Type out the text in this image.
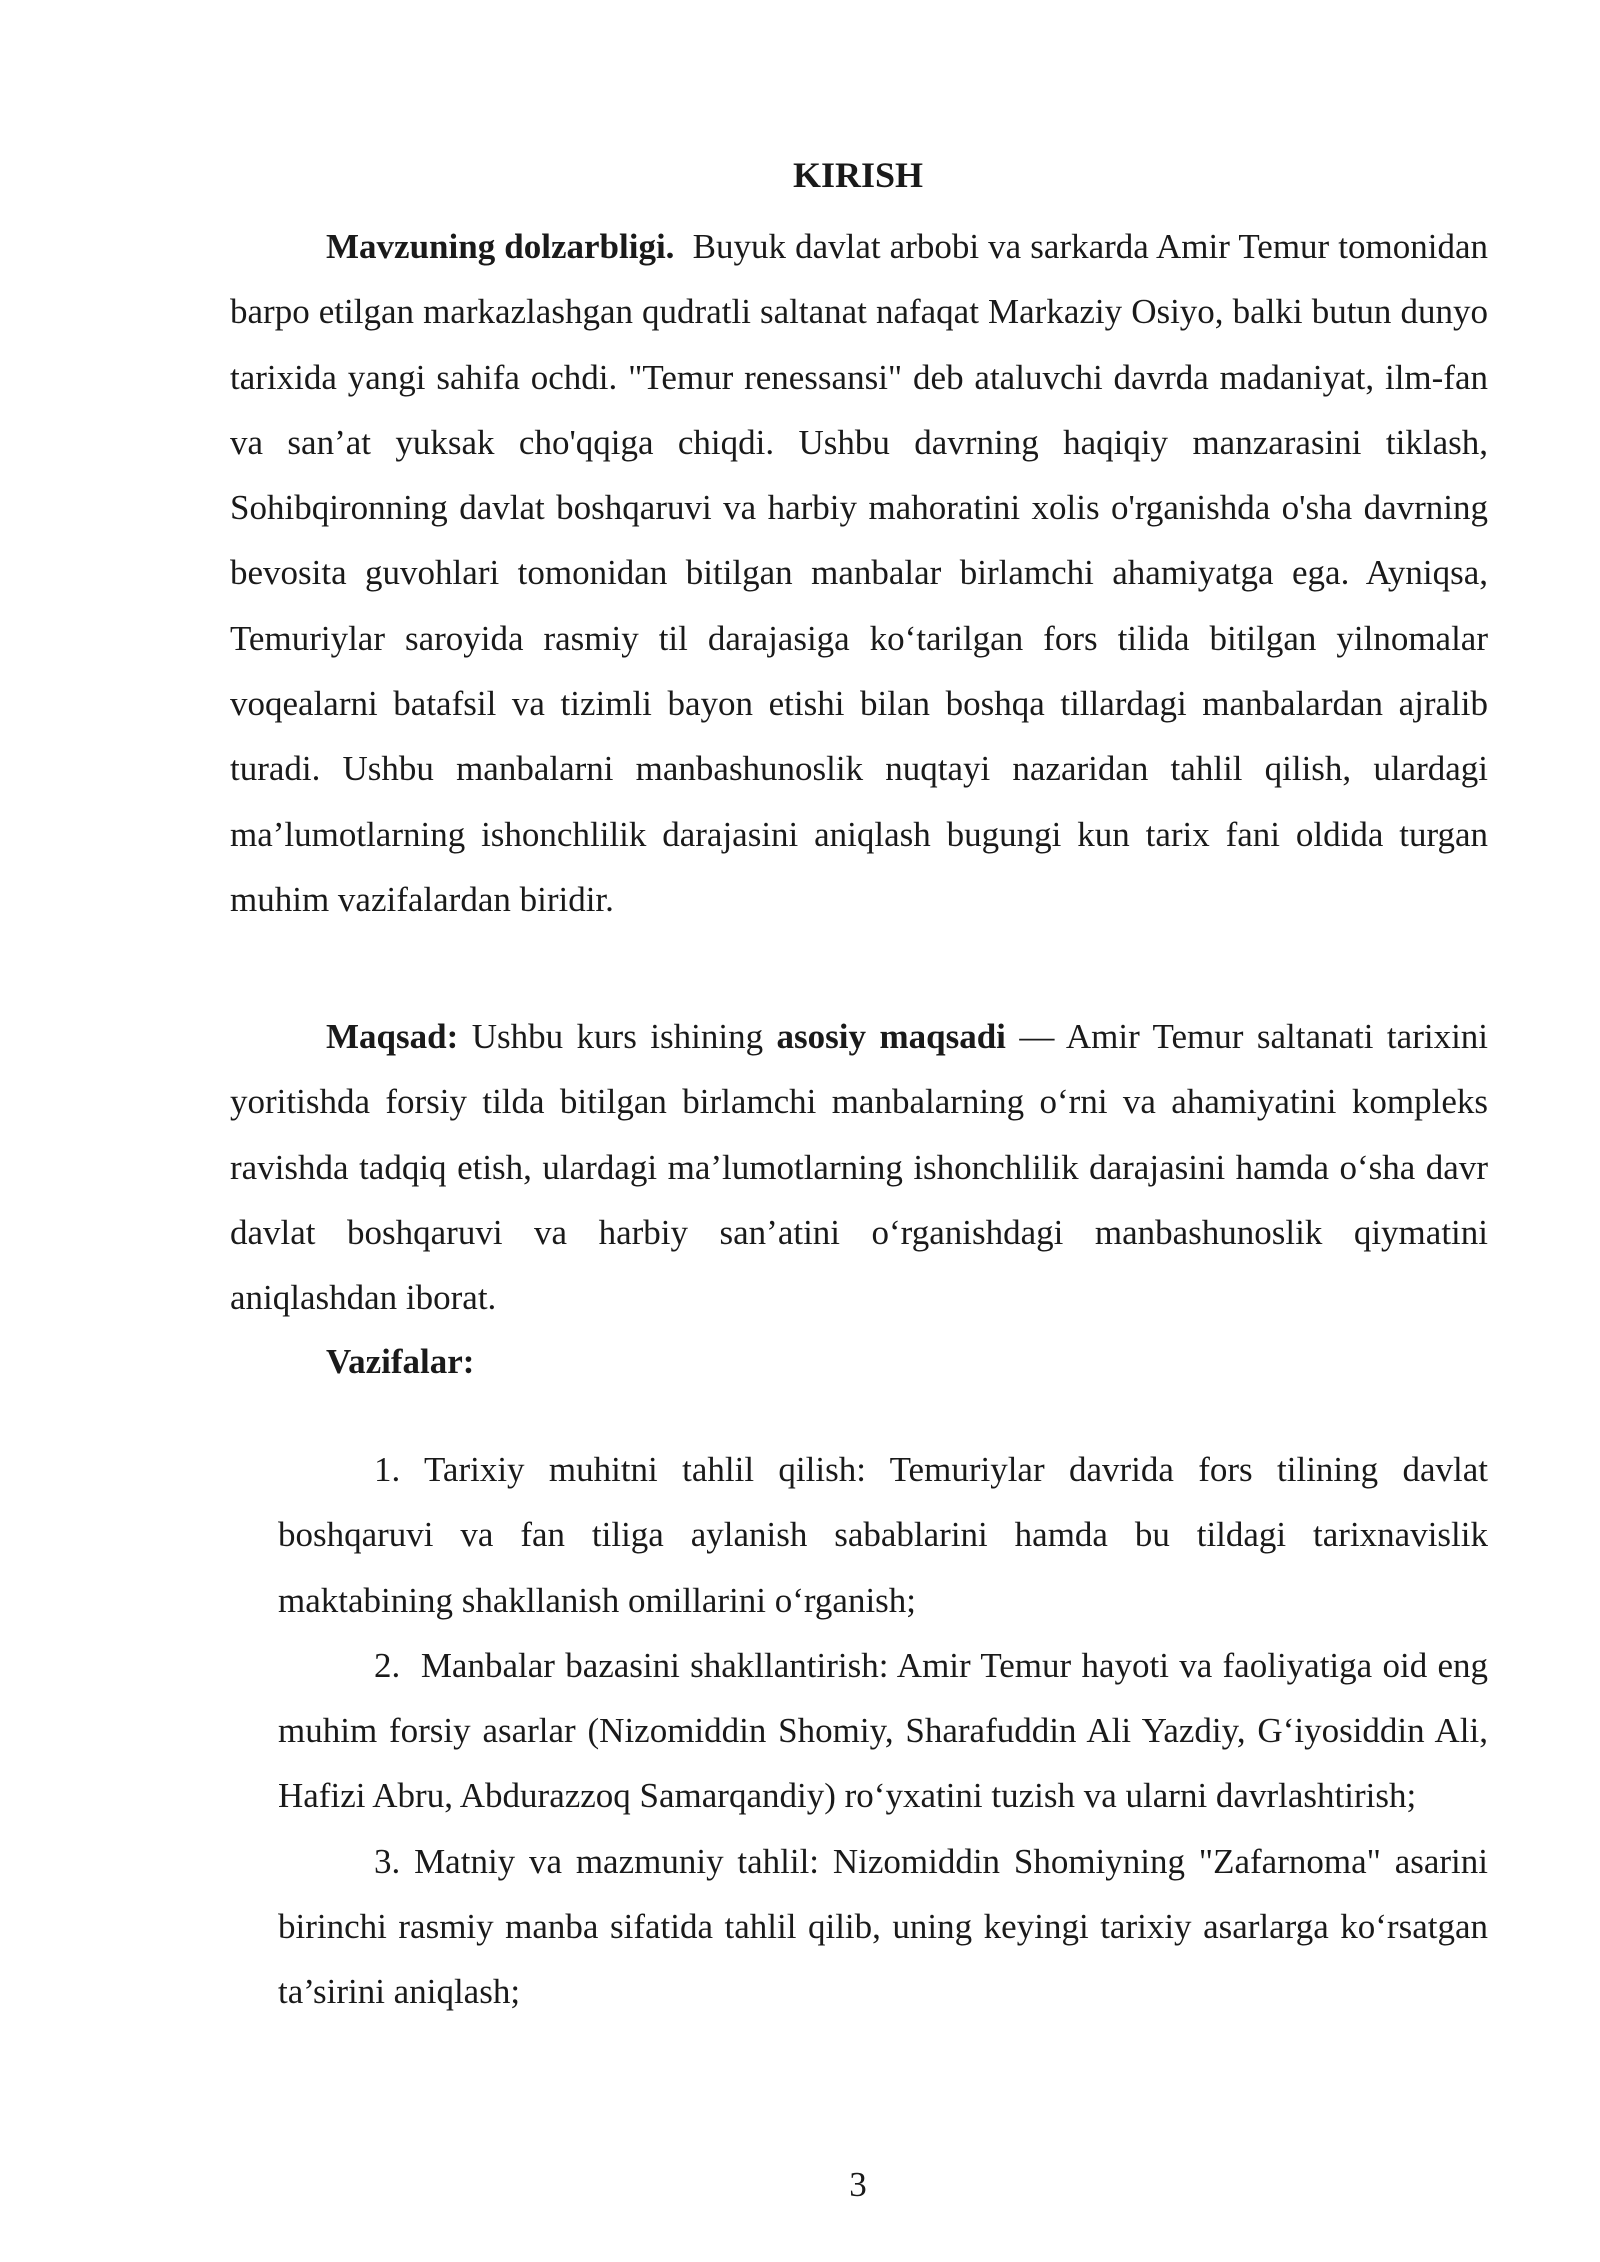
KIRISH

Mavzuning dolzarbligi. Buyuk davlat arbobi va sarkarda Amir Temur tomonidan barpo etilgan markazlashgan qudratli saltanat nafaqat Markaziy Osiyo, balki butun dunyo tarixida yangi sahifa ochdi. "Temur renessansi" deb ataluvchi davrda madaniyat, ilm-fan va san’at yuksak cho'qqiga chiqdi. Ushbu davrning haqiqiy manzarasini tiklash, Sohibqironning davlat boshqaruvi va harbiy mahoratini xolis o'rganishda o'sha davrning bevosita guvohlari tomonidan bitilgan manbalar birlamchi ahamiyatga ega. Ayniqsa, Temuriylar saroyida rasmiy til darajasiga ko‘tarilgan fors tilida bitilgan yilnomalar voqealarni batafsil va tizimli bayon etishi bilan boshqa tillardagi manbalardan ajralib turadi. Ushbu manbalarni manbashunoslik nuqtayi nazaridan tahlil qilish, ulardagi ma’lumotlarning ishonchlilik darajasini aniqlash bugungi kun tarix fani oldida turgan muhim vazifalardan biridir.

Maqsad: Ushbu kurs ishining asosiy maqsadi — Amir Temur saltanati tarixini yoritishda forsiy tilda bitilgan birlamchi manbalarning o‘rni va ahamiyatini kompleks ravishda tadqiq etish, ulardagi ma’lumotlarning ishonchlilik darajasini hamda o‘sha davr davlat boshqaruvi va harbiy san’atini o‘rganishdagi manbashunoslik qiymatini aniqlashdan iborat.

Vazifalar:
1. Tarixiy muhitni tahlil qilish: Temuriylar davrida fors tilining davlat boshqaruvi va fan tiliga aylanish sabablarini hamda bu tildagi tarixnavislik maktabining shakllanish omillarini o‘rganish;
2. Manbalar bazasini shakllantirish: Amir Temur hayoti va faoliyatiga oid eng muhim forsiy asarlar (Nizomiddin Shomiy, Sharafuddin Ali Yazdiy, G‘iyosiddin Ali, Hafizi Abru, Abdurazzoq Samarqandiy) ro‘yxatini tuzish va ularni davrlashtirish;
3. Matniy va mazmuniy tahlil: Nizomiddin Shomiyning "Zafarnoma" asarini birinchi rasmiy manba sifatida tahlil qilib, uning keyingi tarixiy asarlarga ko‘rsatgan ta’sirini aniqlash;
3
